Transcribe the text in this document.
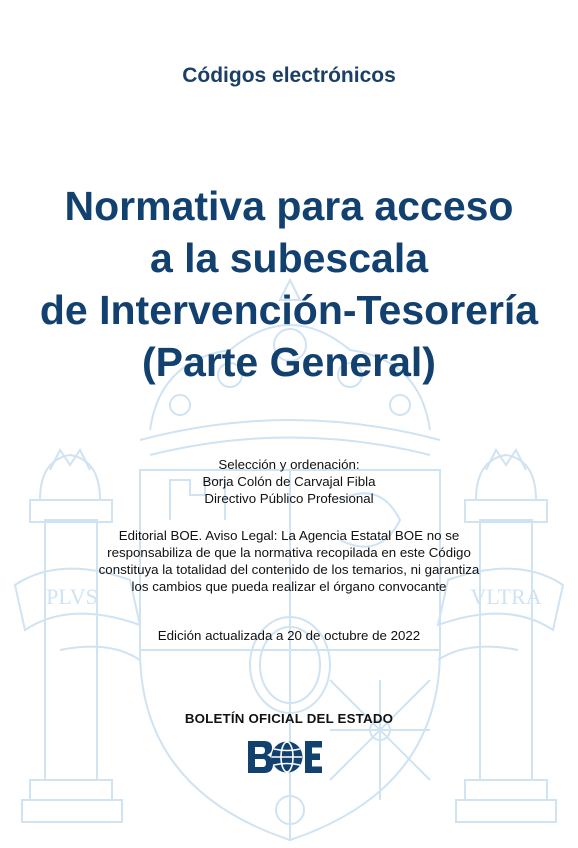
PLVS	VLTRA
Códigos electrónicos
Normativa para acceso
a la subescala
de Intervención-Tesorería
(Parte General)
Selección y ordenación:
Borja Colón de Carvajal Fibla
Directivo Público Profesional
Editorial BOE. Aviso Legal: La Agencia Estatal BOE no se
responsabiliza de que la normativa recopilada en este Código
constituya la totalidad del contenido de los temarios, ni garantiza
los cambios que pueda realizar el órgano convocante
Edición actualizada a 20 de octubre de 2022
BOLETÍN OFICIAL DEL ESTADO
